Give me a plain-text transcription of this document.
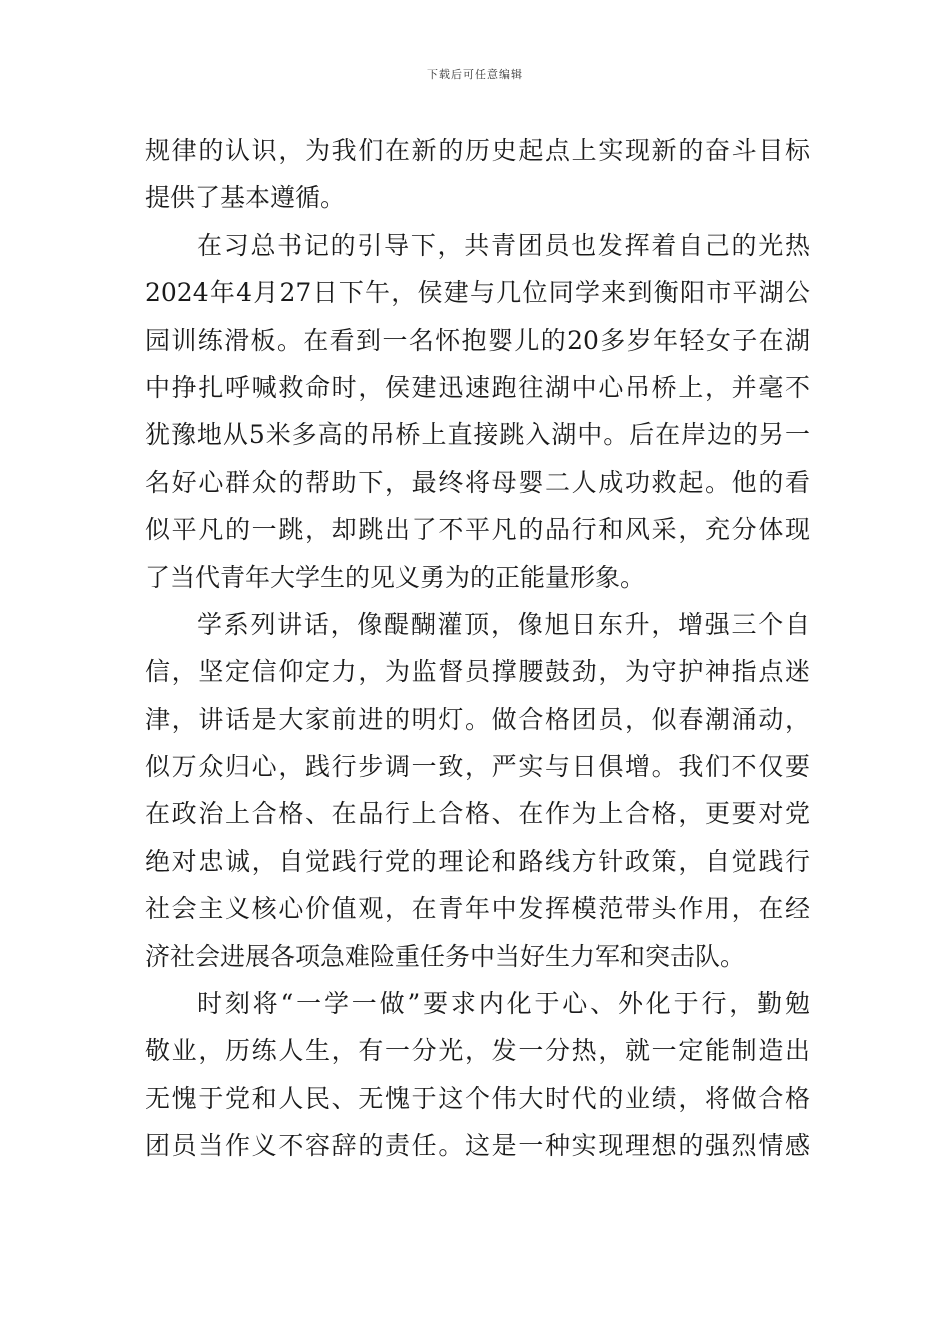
下载后可任意编辑
规律的认识，为我们在新的历史起点上实现新的奋斗目标
提供了基本遵循。
在习总书记的引导下，共青团员也发挥着自己的光热
2024年4月27日下午，侯建与几位同学来到衡阳市平湖公
园训练滑板。在看到一名怀抱婴儿的20多岁年轻女子在湖
中挣扎呼喊救命时，侯建迅速跑往湖中心吊桥上，并毫不
犹豫地从5米多高的吊桥上直接跳入湖中。后在岸边的另一
名好心群众的帮助下，最终将母婴二人成功救起。他的看
似平凡的一跳，却跳出了不平凡的品行和风采，充分体现
了当代青年大学生的见义勇为的正能量形象。
学系列讲话，像醍醐灌顶，像旭日东升，增强三个自
信，坚定信仰定力，为监督员撑腰鼓劲，为守护神指点迷
津，讲话是大家前进的明灯。做合格团员，似春潮涌动，
似万众归心，践行步调一致，严实与日俱增。我们不仅要
在政治上合格、在品行上合格、在作为上合格，更要对党
绝对忠诚，自觉践行党的理论和路线方针政策，自觉践行
社会主义核心价值观，在青年中发挥模范带头作用，在经
济社会进展各项急难险重任务中当好生力军和突击队。
时刻将“一学一做”要求内化于心、外化于行，勤勉
敬业，历练人生，有一分光，发一分热，就一定能制造出
无愧于党和人民、无愧于这个伟大时代的业绩，将做合格
团员当作义不容辞的责任。这是一种实现理想的强烈情感
